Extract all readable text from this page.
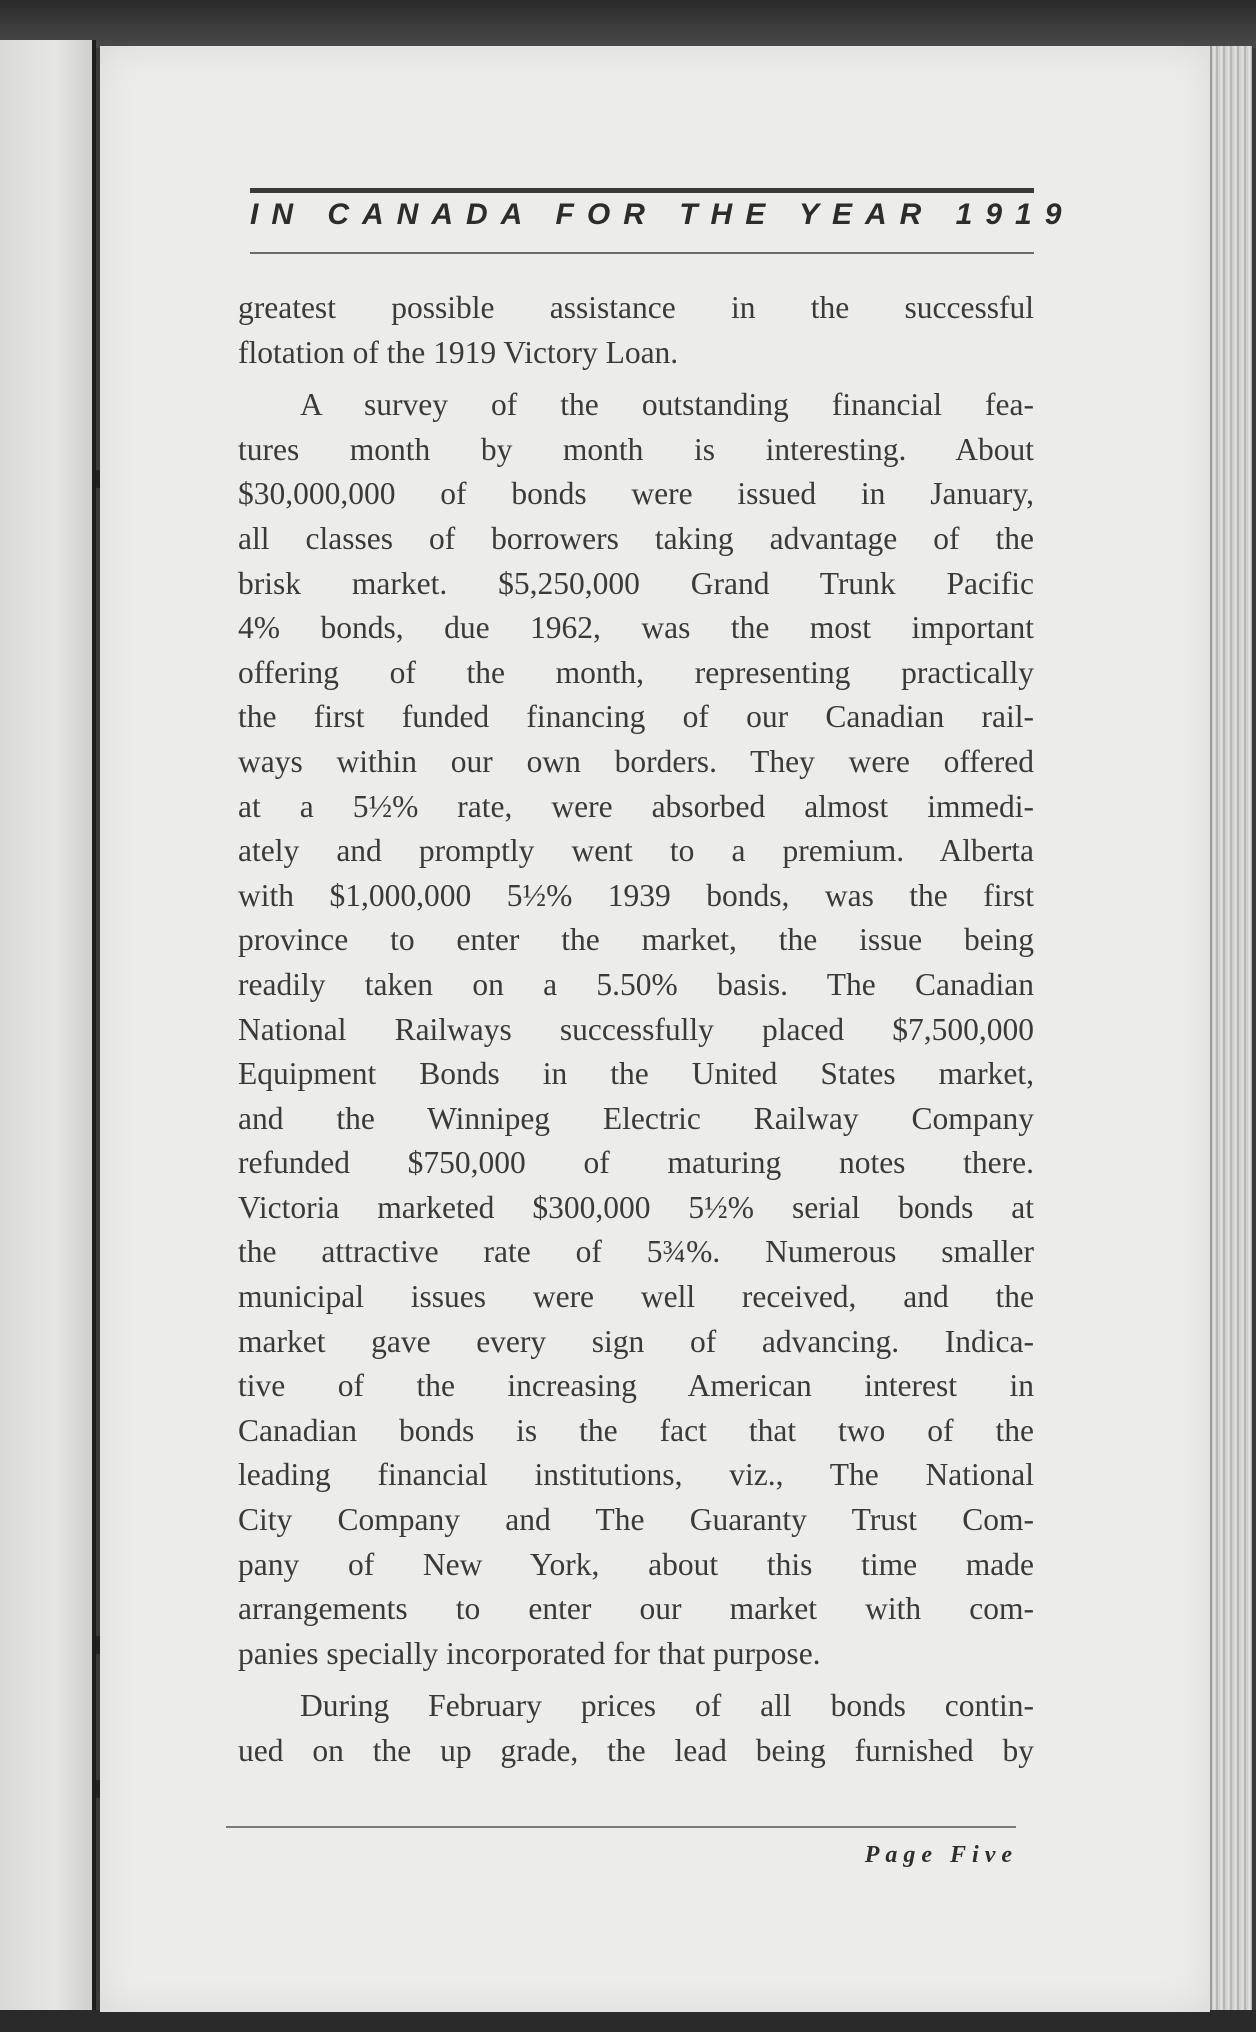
IN CANADA FOR THE YEAR 1919

greatest possible assistance in the successful

flotation of the 1919 Victory Loan.

A survey of the outstanding financial fea-

tures month by month is interesting. About

$30,000,000 of bonds were issued in January,

all classes of borrowers taking advantage of the

brisk market. $5,250,000 Grand Trunk Pacific

4% bonds, due 1962, was the most important

offering of the month, representing practically

the first funded financing of our Canadian rail-

ways within our own borders. They were offered

at a 5½% rate, were absorbed almost immedi-

ately and promptly went to a premium. Alberta

with $1,000,000 5½% 1939 bonds, was the first

province to enter the market, the issue being

readily taken on a 5.50% basis. The Canadian

National Railways successfully placed $7,500,000

Equipment Bonds in the United States market,

and the Winnipeg Electric Railway Company

refunded $750,000 of maturing notes there.

Victoria marketed $300,000 5½% serial bonds at

the attractive rate of 5¾%. Numerous smaller

municipal issues were well received, and the

market gave every sign of advancing. Indica-

tive of the increasing American interest in

Canadian bonds is the fact that two of the

leading financial institutions, viz., The National

City Company and The Guaranty Trust Com-

pany of New York, about this time made

arrangements to enter our market with com-

panies specially incorporated for that purpose.

During February prices of all bonds contin-

ued on the up grade, the lead being furnished by

Page Five
